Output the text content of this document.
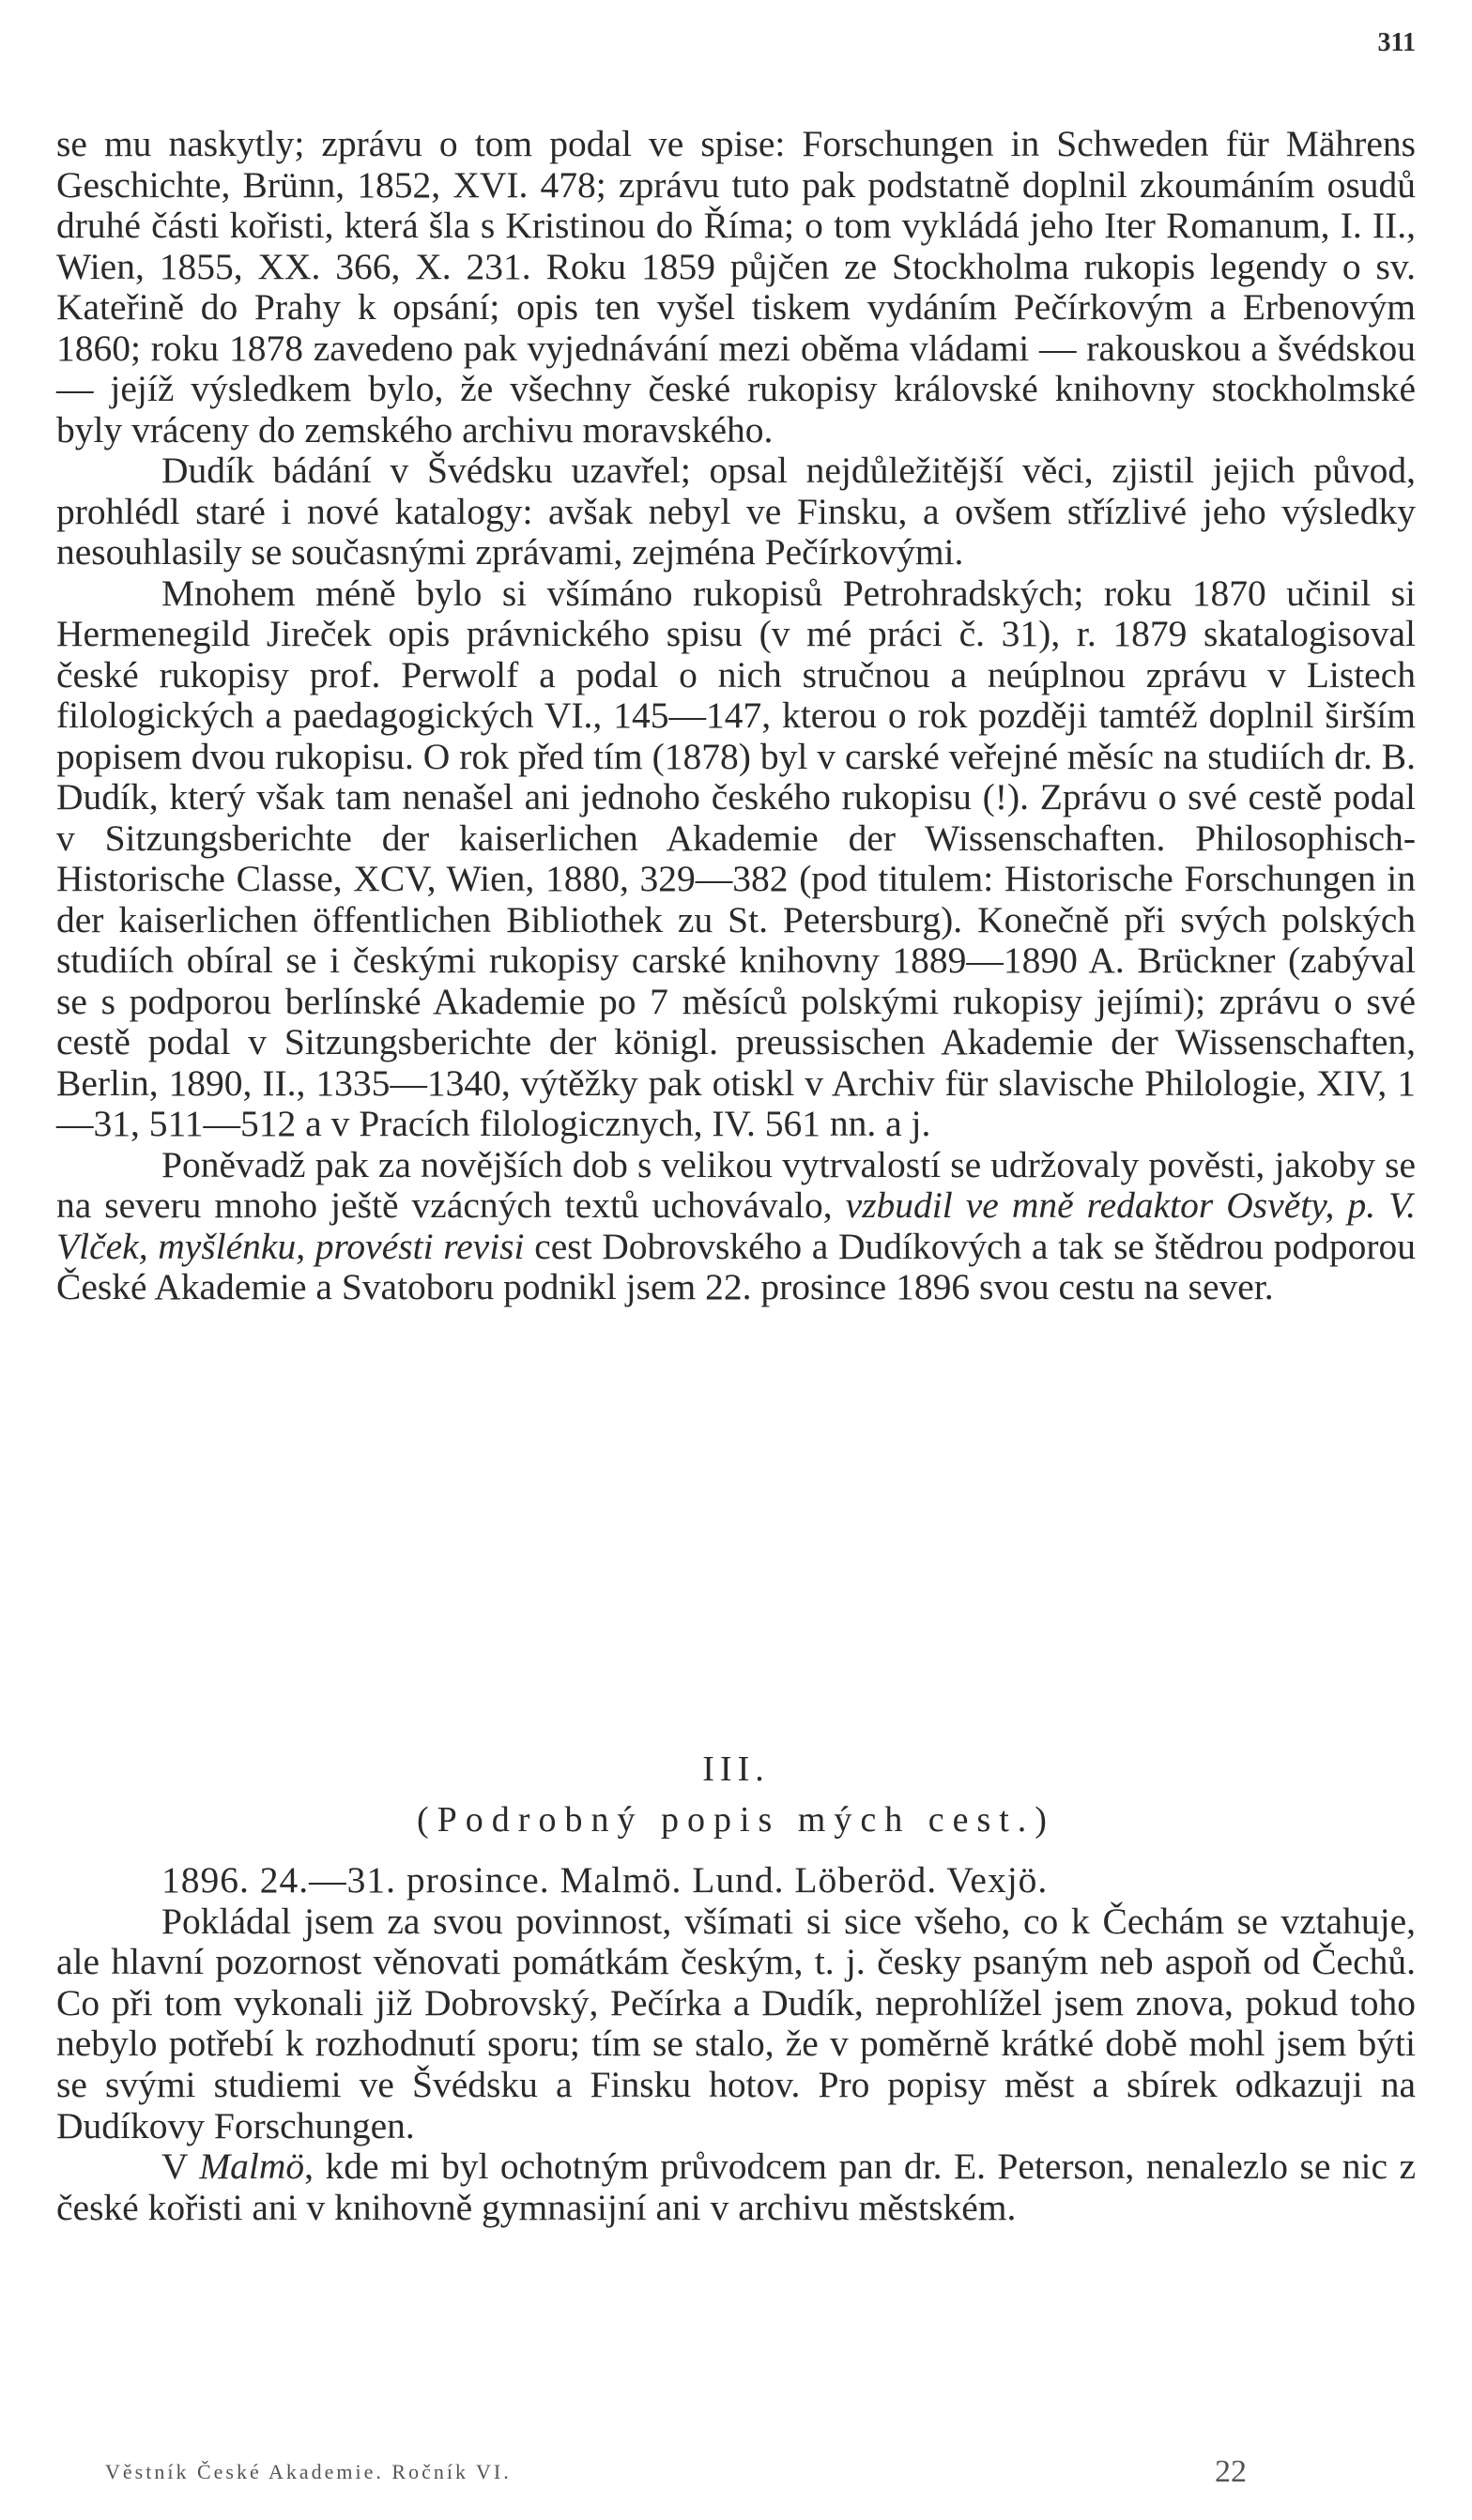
311

se mu naskytly; zprávu o tom podal ve spise: Forschungen in Schweden für Mährens Geschichte, Brünn, 1852, XVI. 478; zprávu tuto pak podstatně doplnil zkoumáním osudů druhé části kořisti, která šla s Kristinou do Říma; o tom vykládá jeho Iter Romanum, I. II., Wien, 1855, XX. 366, X. 231. Roku 1859 půjčen ze Stockholma rukopis legendy o sv. Kateřině do Prahy k opsání; opis ten vyšel tiskem vydáním Pečírkovým a Erbenovým 1860; roku 1878 zavedeno pak vyjednávání mezi oběma vládami — rakouskou a švédskou — jejíž výsledkem bylo, že všechny české rukopisy královské knihovny stockholmské byly vráceny do zemského archivu moravského.

Dudík bádání v Švédsku uzavřel; opsal nejdůležitější věci, zjistil jejich původ, prohlédl staré i nové katalogy: avšak nebyl ve Finsku, a ovšem střízlivé jeho výsledky nesouhlasily se současnými zprávami, zejména Pečírkovými.

Mnohem méně bylo si všímáno rukopisů Petrohradských; roku 1870 učinil si Hermenegild Jireček opis právnického spisu (v mé práci č. 31), r. 1879 skatalogisoval české rukopisy prof. Perwolf a podal o nich stručnou a neúplnou zprávu v Listech filologických a paedagogických VI., 145—147, kterou o rok později tamtéž doplnil širším popisem dvou rukopisu. O rok před tím (1878) byl v carské veřejné měsíc na studiích dr. B. Dudík, který však tam nenašel ani jednoho českého rukopisu (!). Zprávu o své cestě podal v Sitzungsberichte der kaiserlichen Akademie der Wissenschaften. Philosophisch-Historische Classe, XCV, Wien, 1880, 329—382 (pod titulem: Historische Forschungen in der kaiserlichen öffentlichen Bibliothek zu St. Petersburg). Konečně při svých polských studiích obíral se i českými rukopisy carské knihovny 1889—1890 A. Brückner (zabýval se s podporou berlínské Akademie po 7 měsíců polskými rukopisy jejími); zprávu o své cestě podal v Sitzungsberichte der königl. preussischen Akademie der Wissenschaften, Berlin, 1890, II., 1335—1340, výtěžky pak otiskl v Archiv für slavische Philologie, XIV, 1—31, 511—512 a v Pracích filologicznych, IV. 561 nn. a j.

Poněvadž pak za novějších dob s velikou vytrvalostí se udržovaly pověsti, jakoby se na severu mnoho ještě vzácných textů uchovávalo, vzbudil ve mně redaktor Osvěty, p. V. Vlček, myšlénku, provésti revisi cest Dobrovského a Dudíkových a tak se štědrou podporou České Akademie a Svatoboru podnikl jsem 22. prosince 1896 svou cestu na sever.

III.
(Podrobný popis mých cest.)

1896. 24.—31. prosince. Malmö. Lund. Löberöd. Vexjö.

Pokládal jsem za svou povinnost, všímati si sice všeho, co k Čechám se vztahuje, ale hlavní pozornost věnovati pomátkám českým, t. j. česky psaným neb aspoň od Čechů. Co při tom vykonali již Dobrovský, Pečírka a Dudík, neprohlížel jsem znova, pokud toho nebylo potřebí k rozhodnutí sporu; tím se stalo, že v poměrně krátké době mohl jsem býti se svými studiemi ve Švédsku a Finsku hotov. Pro popisy měst a sbírek odkazuji na Dudíkovy Forschungen.

V Malmö, kde mi byl ochotným průvodcem pan dr. E. Peterson, nenalezlo se nic z české kořisti ani v knihovně gymnasijní ani v archivu městském.

Věstník České Akademie. Ročník VI.	22
